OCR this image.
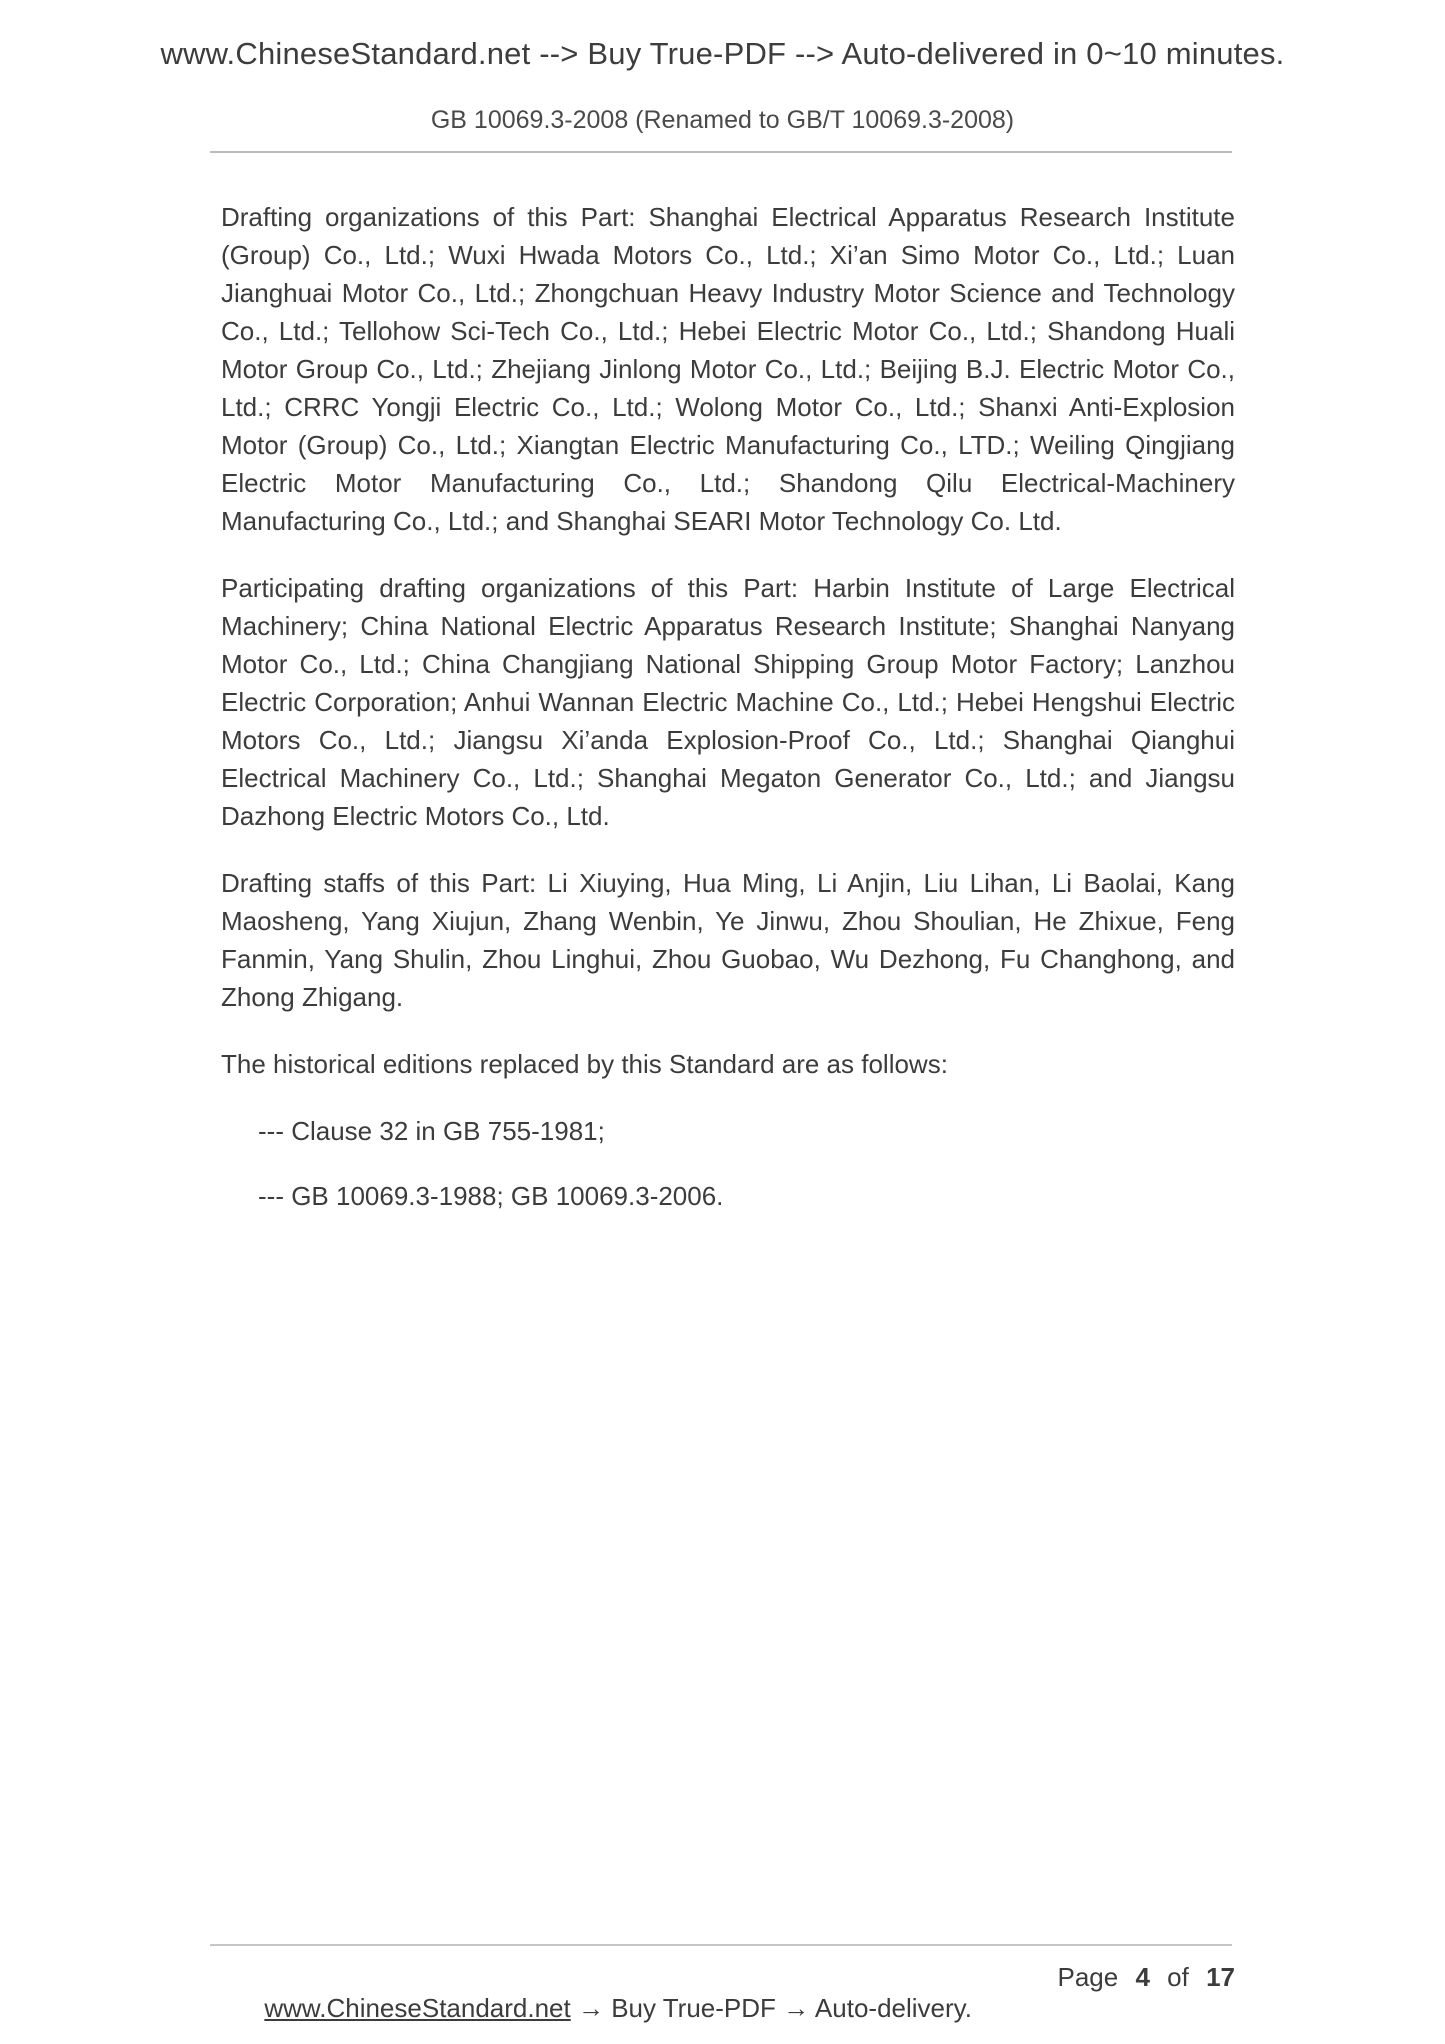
www.ChineseStandard.net --> Buy True-PDF --> Auto-delivered in 0~10 minutes.
GB 10069.3-2008 (Renamed to GB/T 10069.3-2008)

Drafting organizations of this Part: Shanghai Electrical Apparatus Research Institute (Group) Co., Ltd.; Wuxi Hwada Motors Co., Ltd.; Xi’an Simo Motor Co., Ltd.; Luan Jianghuai Motor Co., Ltd.; Zhongchuan Heavy Industry Motor Science and Technology Co., Ltd.; Tellohow Sci-Tech Co., Ltd.; Hebei Electric Motor Co., Ltd.; Shandong Huali Motor Group Co., Ltd.; Zhejiang Jinlong Motor Co., Ltd.; Beijing B.J. Electric Motor Co., Ltd.; CRRC Yongji Electric Co., Ltd.; Wolong Motor Co., Ltd.; Shanxi Anti-Explosion Motor (Group) Co., Ltd.; Xiangtan Electric Manufacturing Co., LTD.; Weiling Qingjiang Electric Motor Manufacturing Co., Ltd.; Shandong Qilu Electrical-Machinery Manufacturing Co., Ltd.; and Shanghai SEARI Motor Technology Co. Ltd.

Participating drafting organizations of this Part: Harbin Institute of Large Electrical Machinery; China National Electric Apparatus Research Institute; Shanghai Nanyang Motor Co., Ltd.; China Changjiang National Shipping Group Motor Factory; Lanzhou Electric Corporation; Anhui Wannan Electric Machine Co., Ltd.; Hebei Hengshui Electric Motors Co., Ltd.; Jiangsu Xi’anda Explosion-Proof Co., Ltd.; Shanghai Qianghui Electrical Machinery Co., Ltd.; Shanghai Megaton Generator Co., Ltd.; and Jiangsu Dazhong Electric Motors Co., Ltd.

Drafting staffs of this Part: Li Xiuying, Hua Ming, Li Anjin, Liu Lihan, Li Baolai, Kang Maosheng, Yang Xiujun, Zhang Wenbin, Ye Jinwu, Zhou Shoulian, He Zhixue, Feng Fanmin, Yang Shulin, Zhou Linghui, Zhou Guobao, Wu Dezhong, Fu Changhong, and Zhong Zhigang.

The historical editions replaced by this Standard are as follows:

--- Clause 32 in GB 755-1981;

--- GB 10069.3-1988; GB 10069.3-2006.

www.ChineseStandard.net → Buy True-PDF → Auto-delivery.

Page 4 of 17
